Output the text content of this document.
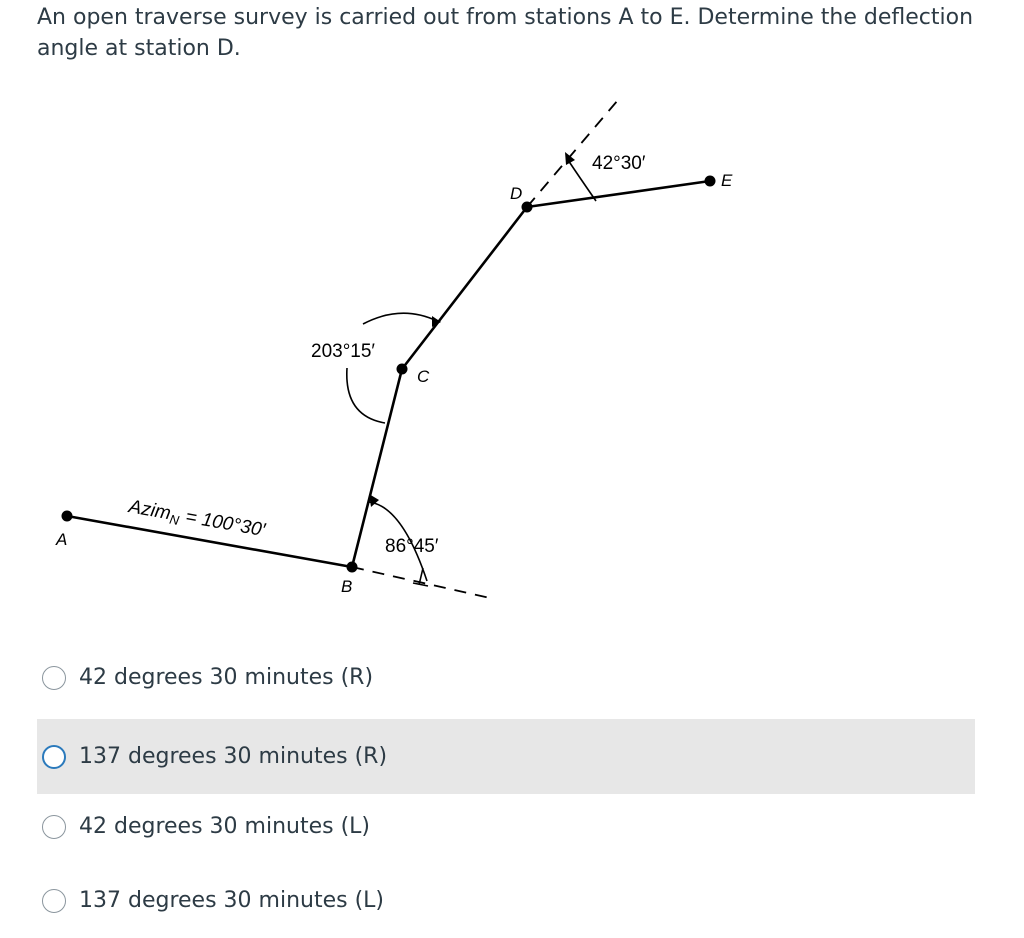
An open traverse survey is carried out from stations A to E. Determine the deflection angle at station D.
A
B
C
D
E
86°45′
203°15′
42°30′
Azim$_N$ = 100°30′
42 degrees 30 minutes (R)
137 degrees 30 minutes (R)
42 degrees 30 minutes (L)
137 degrees 30 minutes (L)
